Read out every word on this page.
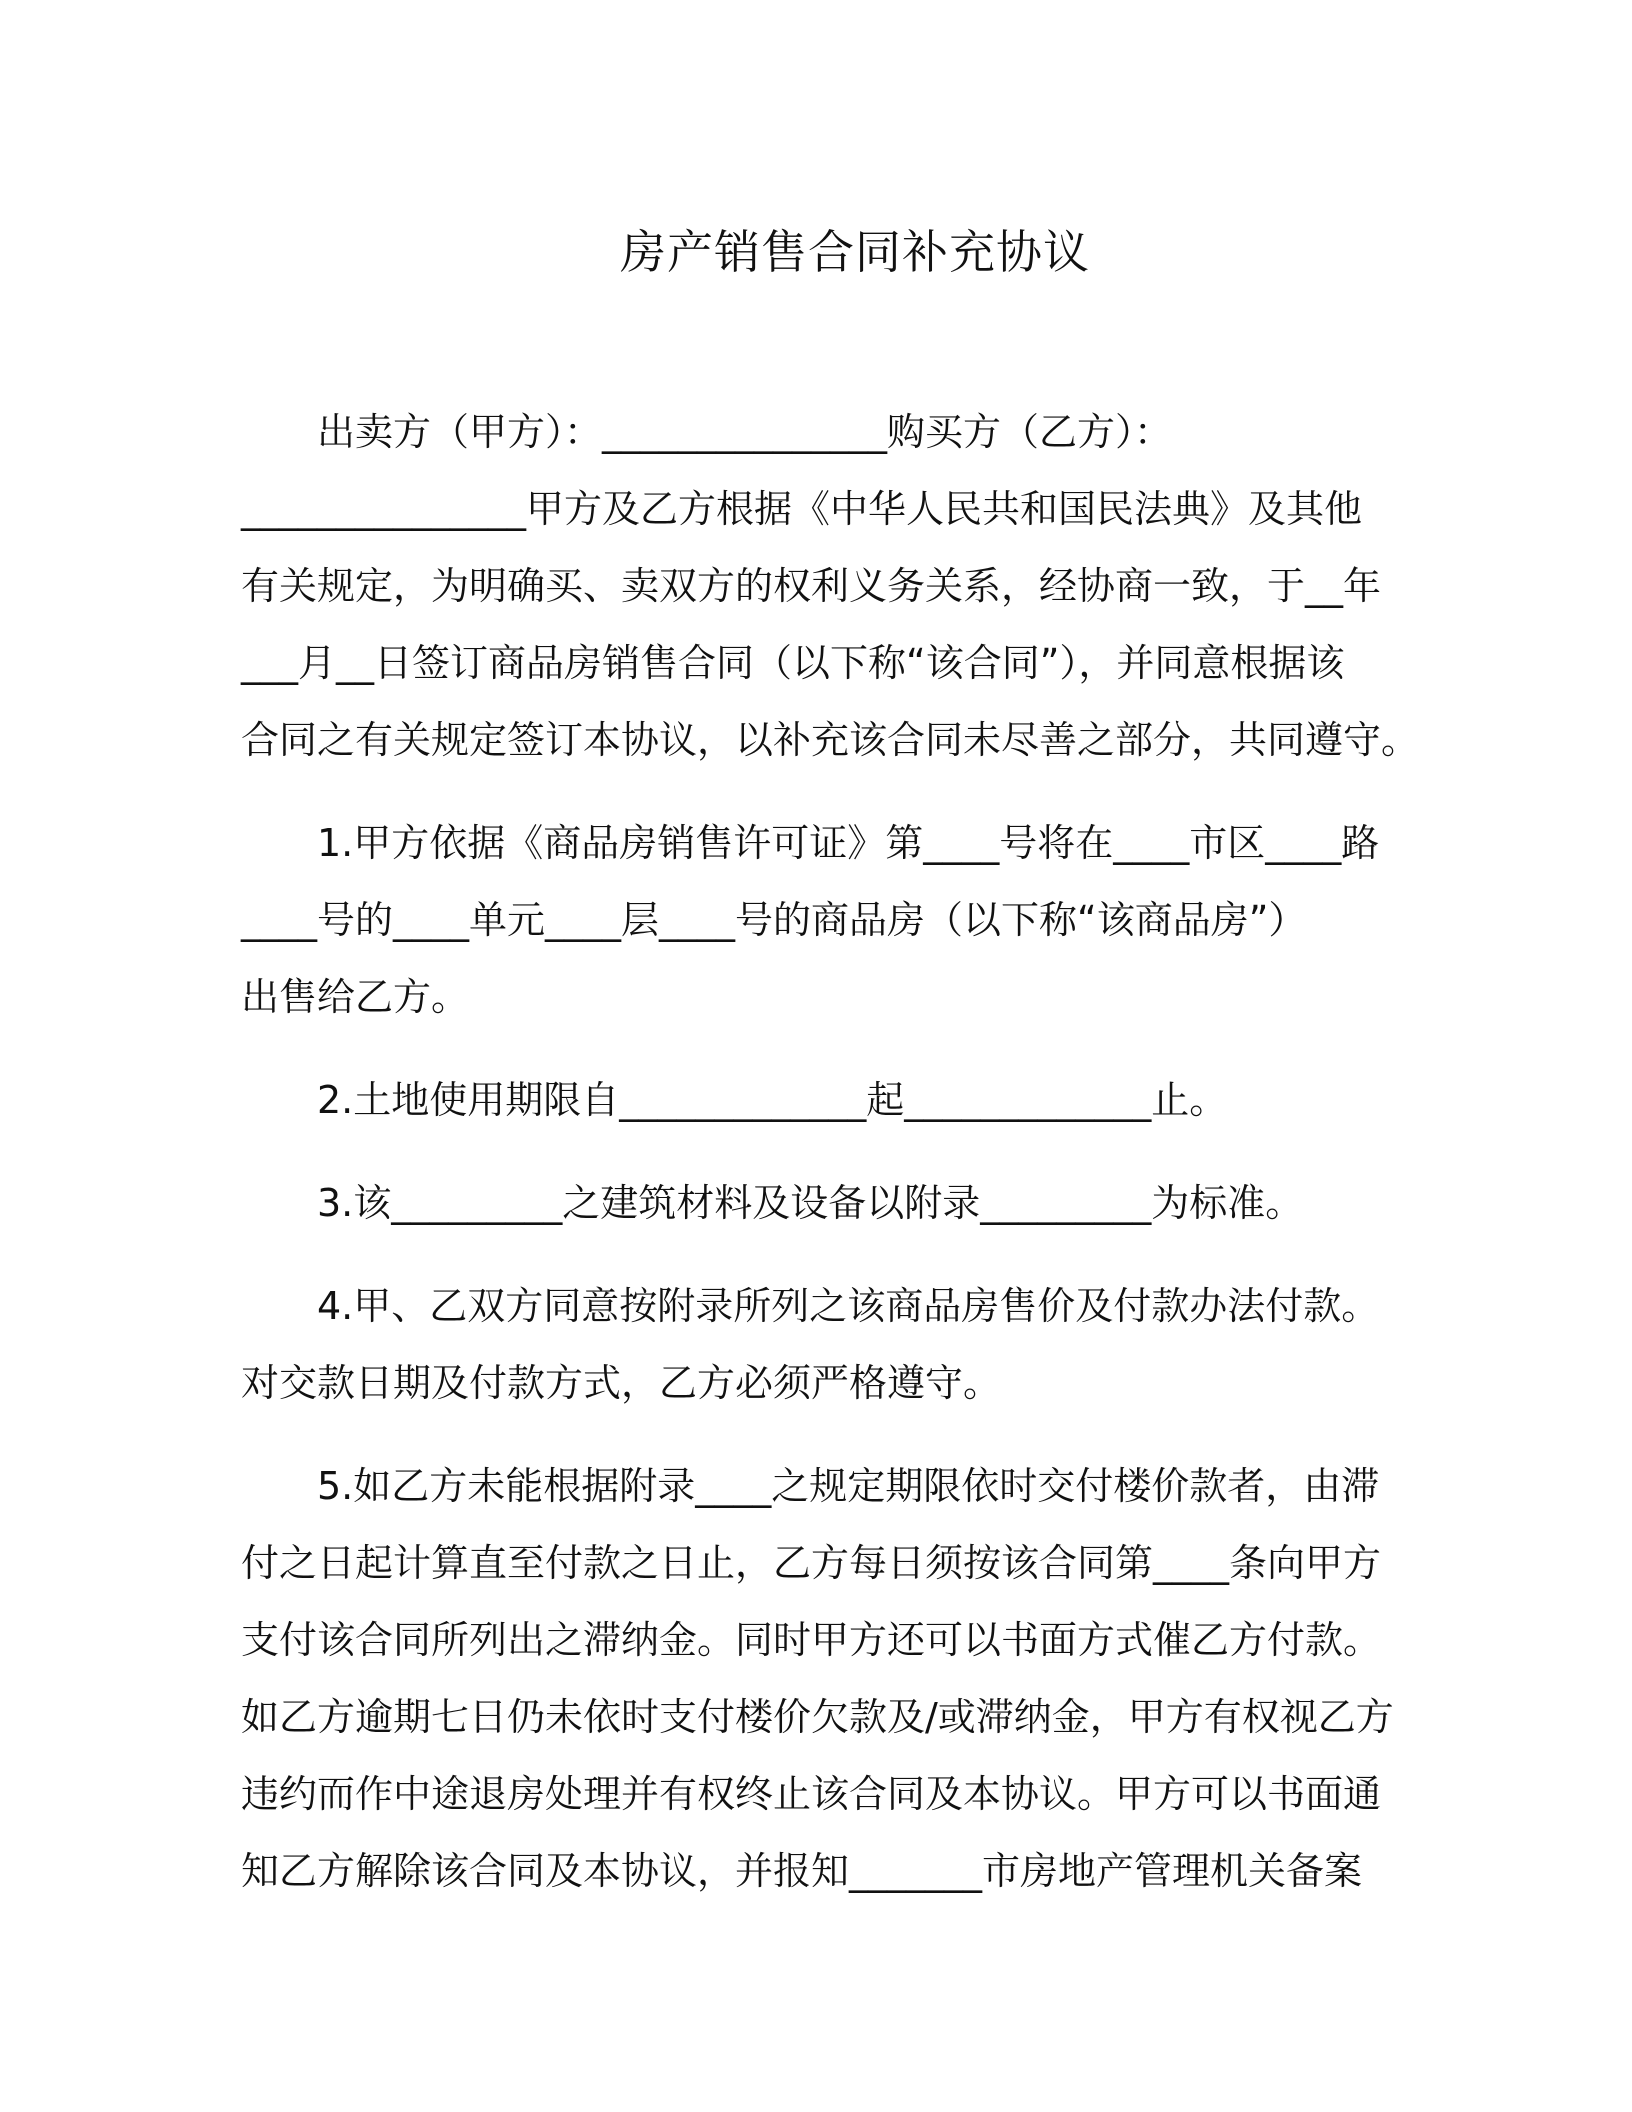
房产销售合同补充协议

出卖方（甲方）：_______________购买方（乙方）：
_______________甲方及乙方根据《中华人民共和国民法典》及其他
有关规定，为明确买、卖双方的权利义务关系，经协商一致，于__年
___月__日签订商品房销售合同（以下称“该合同”），并同意根据该
合同之有关规定签订本协议，以补充该合同未尽善之部分，共同遵守。

1.甲方依据《商品房销售许可证》第____号将在____市区____路
____号的____单元____层____号的商品房（以下称“该商品房”）
出售给乙方。

2.土地使用期限自_____________起_____________止。

3.该_________之建筑材料及设备以附录_________为标准。

4.甲、乙双方同意按附录所列之该商品房售价及付款办法付款。
对交款日期及付款方式，乙方必须严格遵守。

5.如乙方未能根据附录____之规定期限依时交付楼价款者，由滞
付之日起计算直至付款之日止，乙方每日须按该合同第____条向甲方
支付该合同所列出之滞纳金。同时甲方还可以书面方式催乙方付款。
如乙方逾期七日仍未依时支付楼价欠款及/或滞纳金，甲方有权视乙方
违约而作中途退房处理并有权终止该合同及本协议。甲方可以书面通
知乙方解除该合同及本协议，并报知_______市房地产管理机关备案
